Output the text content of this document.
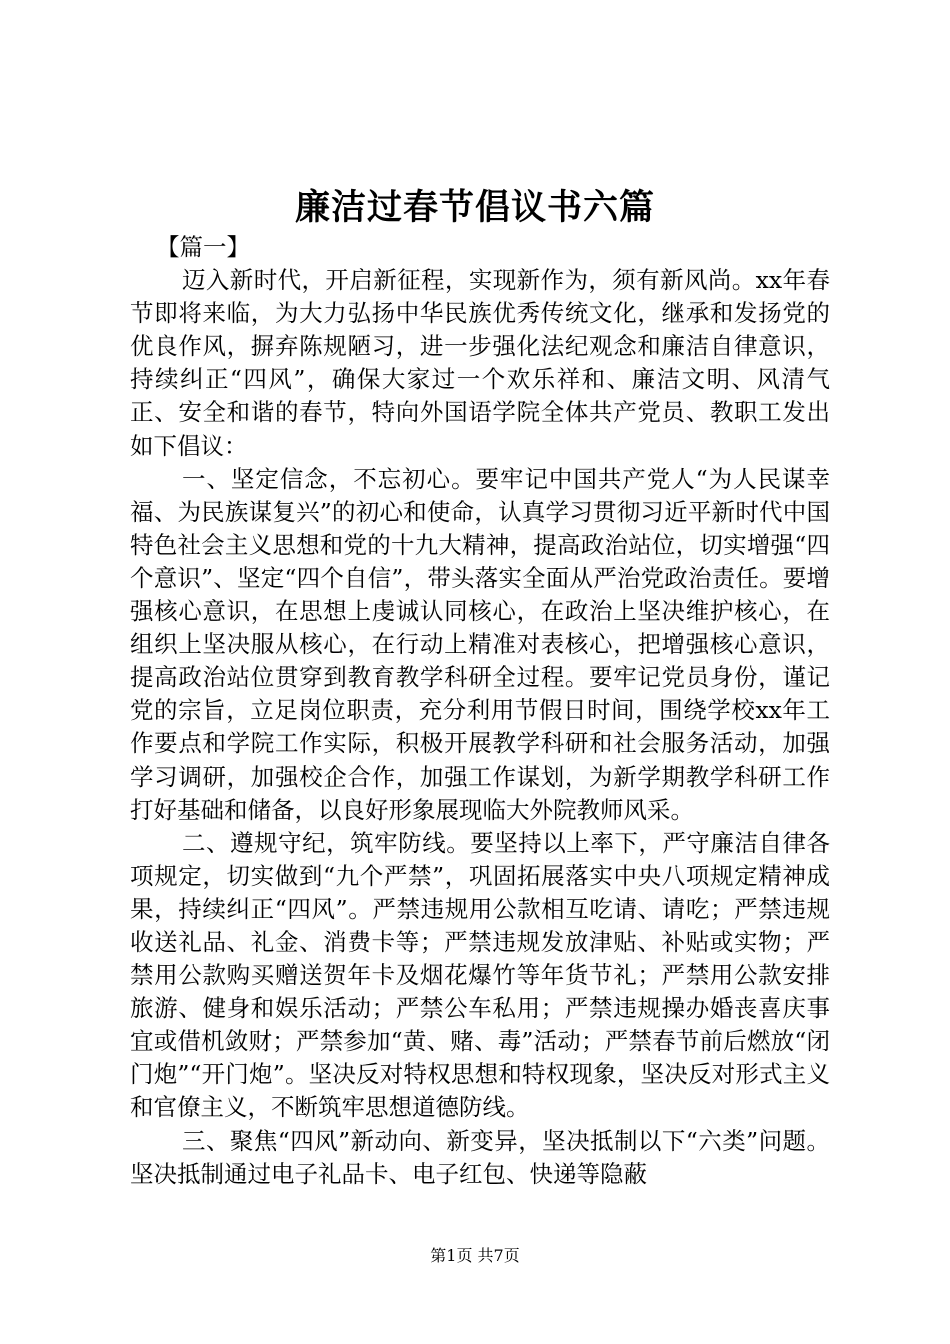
廉洁过春节倡议书六篇

【篇一】

迈入新时代，开启新征程，实现新作为，须有新风尚。xx年春节即将来临，为大力弘扬中华民族优秀传统文化，继承和发扬党的优良作风，摒弃陈规陋习，进一步强化法纪观念和廉洁自律意识，持续纠正“四风”，确保大家过一个欢乐祥和、廉洁文明、风清气正、安全和谐的春节，特向外国语学院全体共产党员、教职工发出如下倡议：

一、坚定信念，不忘初心。要牢记中国共产党人“为人民谋幸福、为民族谋复兴”的初心和使命，认真学习贯彻习近平新时代中国特色社会主义思想和党的十九大精神，提高政治站位，切实增强“四个意识”、坚定“四个自信”，带头落实全面从严治党政治责任。要增强核心意识，在思想上虔诚认同核心，在政治上坚决维护核心，在组织上坚决服从核心，在行动上精准对表核心，把增强核心意识，提高政治站位贯穿到教育教学科研全过程。要牢记党员身份，谨记党的宗旨，立足岗位职责，充分利用节假日时间，围绕学校xx年工作要点和学院工作实际，积极开展教学科研和社会服务活动，加强学习调研，加强校企合作，加强工作谋划，为新学期教学科研工作打好基础和储备，以良好形象展现临大外院教师风采。

二、遵规守纪，筑牢防线。要坚持以上率下，严守廉洁自律各项规定，切实做到“九个严禁”，巩固拓展落实中央八项规定精神成果，持续纠正“四风”。严禁违规用公款相互吃请、请吃；严禁违规收送礼品、礼金、消费卡等；严禁违规发放津贴、补贴或实物；严禁用公款购买赠送贺年卡及烟花爆竹等年货节礼；严禁用公款安排旅游、健身和娱乐活动；严禁公车私用；严禁违规操办婚丧喜庆事宜或借机敛财；严禁参加“黄、赌、毒”活动；严禁春节前后燃放“闭门炮”“开门炮”。坚决反对特权思想和特权现象，坚决反对形式主义和官僚主义，不断筑牢思想道德防线。

三、聚焦“四风”新动向、新变异，坚决抵制以下“六类”问题。坚决抵制通过电子礼品卡、电子红包、快递等隐蔽

第1页 共7页
